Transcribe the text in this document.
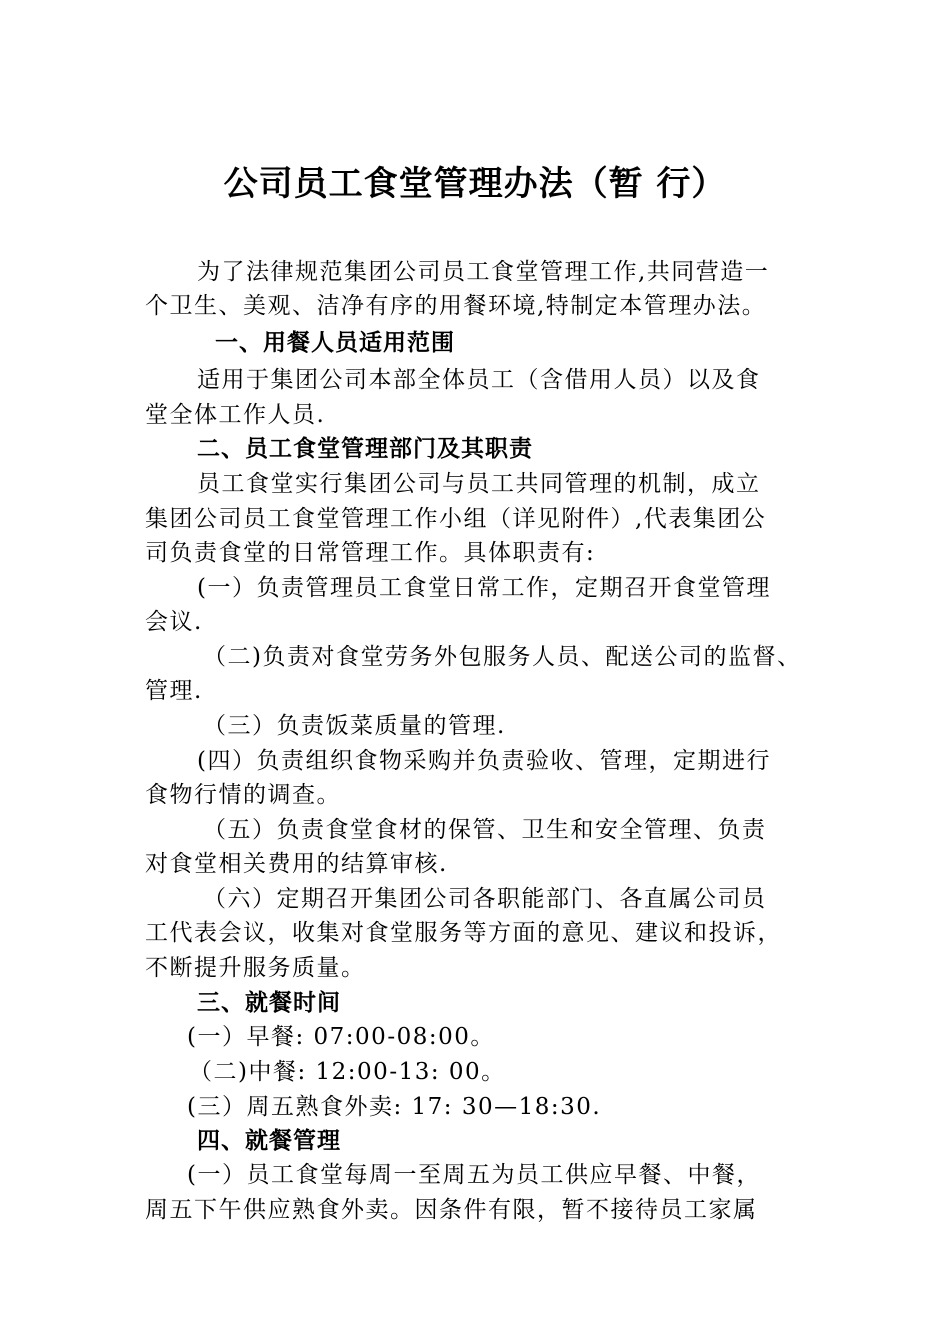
公司员工食堂管理办法（暂 行）

为了法律规范集团公司员工食堂管理工作,共同营造一

个卫生、美观、洁净有序的用餐环境,特制定本管理办法。

一、用餐人员适用范围

适用于集团公司本部全体员工（含借用人员）以及食

堂全体工作人员.

二、员工食堂管理部门及其职责

员工食堂实行集团公司与员工共同管理的机制，成立

集团公司员工食堂管理工作小组（详见附件）,代表集团公

司负责食堂的日常管理工作。具体职责有:

(一）负责管理员工食堂日常工作，定期召开食堂管理

会议.

（二)负责对食堂劳务外包服务人员、配送公司的监督、

管理.

（三）负责饭菜质量的管理.

(四）负责组织食物采购并负责验收、管理，定期进行

食物行情的调查。

（五）负责食堂食材的保管、卫生和安全管理、负责

对食堂相关费用的结算审核.

（六）定期召开集团公司各职能部门、各直属公司员

工代表会议，收集对食堂服务等方面的意见、建议和投诉，

不断提升服务质量。

三、就餐时间

(一）早餐: 07:00-08:00。

（二)中餐: 12:00-13: 00。

(三）周五熟食外卖: 17: 30—18:30.

四、就餐管理

(一）员工食堂每周一至周五为员工供应早餐、中餐，

周五下午供应熟食外卖。因条件有限，暂不接待员工家属
